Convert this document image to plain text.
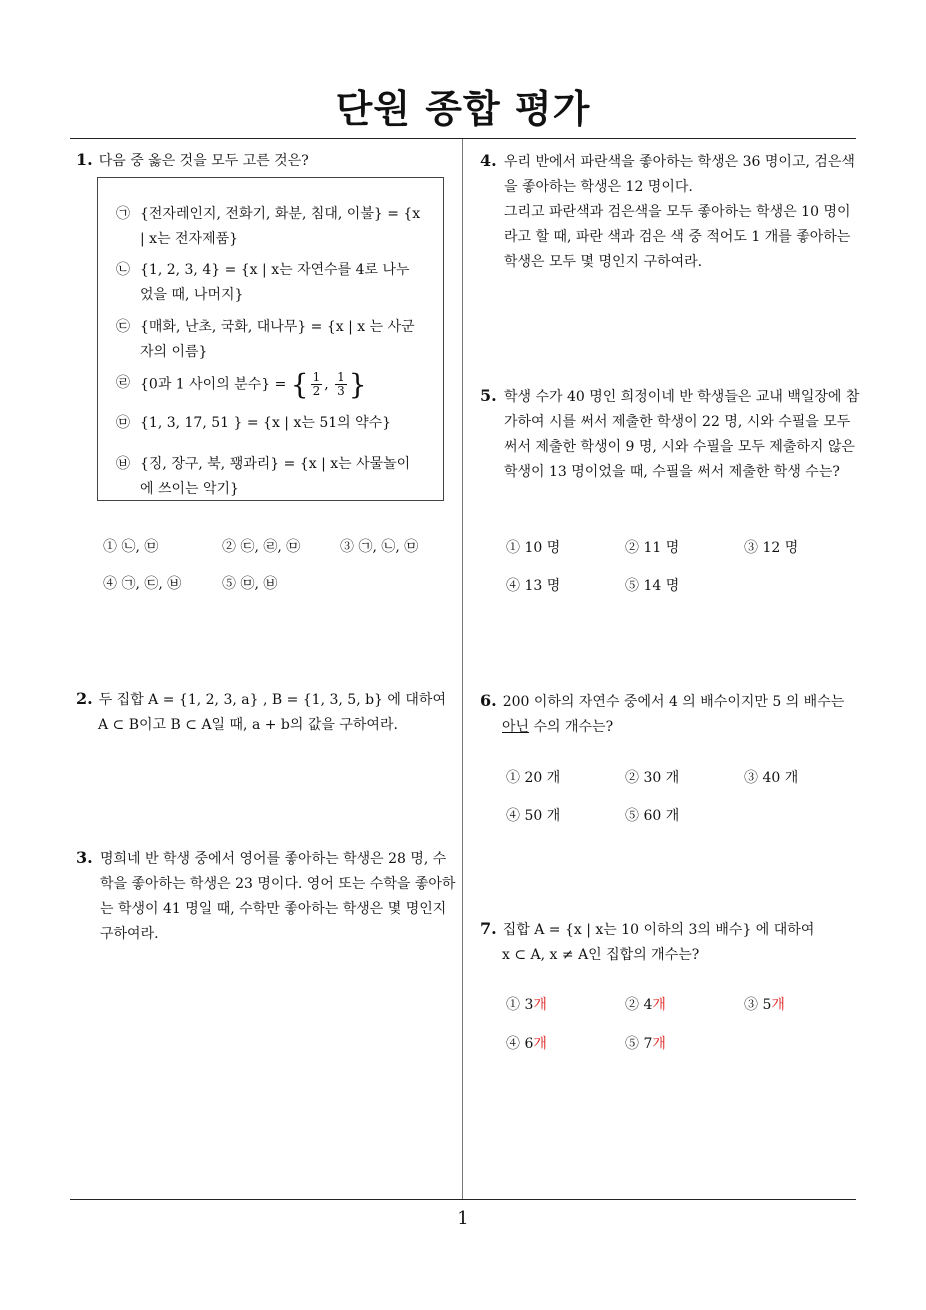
단원 종합 평가
1
1. 다음 중 옳은 것을 모두 고른 것은?
㉠ {전자레인지, 전화기, 화분, 침대, 이불} = {x | x는 전자제품}
㉡ {1, 2, 3, 4} = {x | x는 자연수를 4로 나누었을 때, 나머지}
㉢ {매화, 난초, 국화, 대나무} = {x | x 는 사군자의 이름}
㉣ {0과 1 사이의 분수} = { $\frac{1}{2}$ , $\frac{1}{3}$ }
㉤ {1, 3, 17, 51 } = {x | x는 51의 약수}
㉥ {징, 장구, 북, 꽹과리} = {x | x는 사물놀이에 쓰이는 악기}
① ㉡, ㉤	② ㉢, ㉣, ㉤	③ ㉠, ㉡, ㉤
④ ㉠, ㉢, ㉥	⑤ ㉤, ㉥
2. 두 집합 A = {1, 2, 3, a} , B = {1, 3, 5, b} 에 대하여
A ⊂ B이고 B ⊂ A일 때, a + b의 값을 구하여라.
3. 명희네 반 학생 중에서 영어를 좋아하는 학생은 28 명, 수학을 좋아하는 학생은 23 명이다. 영어 또는 수학을 좋아하는 학생이 41 명일 때, 수학만 좋아하는 학생은 몇 명인지 구하여라.
4. 우리 반에서 파란색을 좋아하는 학생은 36 명이고, 검은색을 좋아하는 학생은 12 명이다.
그리고 파란색과 검은색을 모두 좋아하는 학생은 10 명이라고 할 때, 파란 색과 검은 색 중 적어도 1 개를 좋아하는 학생은 모두 몇 명인지 구하여라.
5. 학생 수가 40 명인 희정이네 반 학생들은 교내 백일장에 참가하여 시를 써서 제출한 학생이 22 명, 시와 수필을 모두 써서 제출한 학생이 9 명, 시와 수필을 모두 제출하지 않은 학생이 13 명이었을 때, 수필을 써서 제출한 학생 수는?
① 10 명	② 11 명	③ 12 명
④ 13 명	⑤ 14 명
6. 200 이하의 자연수 중에서 4 의 배수이지만 5 의 배수는
아닌 수의 개수는?
① 20 개	② 30 개	③ 40 개
④ 50 개	⑤ 60 개
7. 집합 A = {x | x는 10 이하의 3의 배수} 에 대하여
x ⊂ A, x ≠ A인 집합의 개수는?
① 3개	② 4개	③ 5개
④ 6개	⑤ 7개
